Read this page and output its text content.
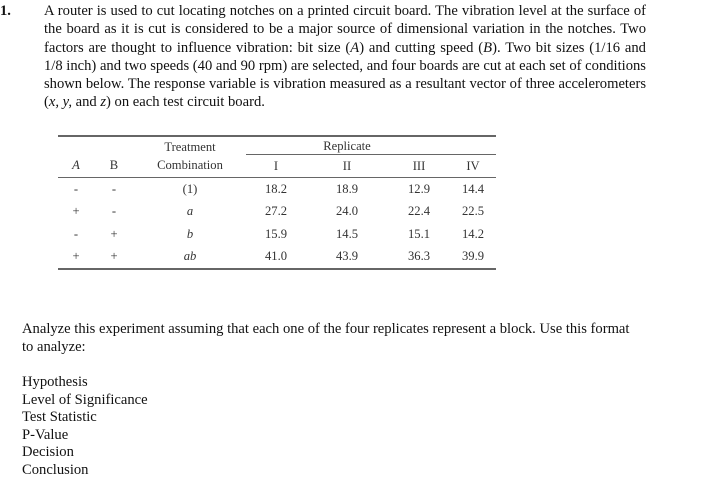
1. A router is used to cut locating notches on a printed circuit board. The vibration level at the surface of the board as it is cut is considered to be a major source of dimensional variation in the notches. Two factors are thought to influence vibration: bit size (A) and cutting speed (B). Two bit sizes (1/16 and 1/8 inch) and two speeds (40 and 90 rpm) are selected, and four boards are cut at each set of conditions shown below. The response variable is vibration measured as a resultant vector of three accelerometers (x, y, and z) on each test circuit board.

		Treatment		Replicate		
A	B	Combination	I	II	III	IV
-	-	(1)	18.2	18.9	12.9	14.4
+	-	a	27.2	24.0	22.4	22.5
-	+	b	15.9	14.5	15.1	14.2
+	+	ab	41.0	43.9	36.3	39.9
Analyze this experiment assuming that each one of the four replicates represent a block. Use this format to analyze:
Hypothesis
Level of Significance
Test Statistic
P-Value
Decision
Conclusion
